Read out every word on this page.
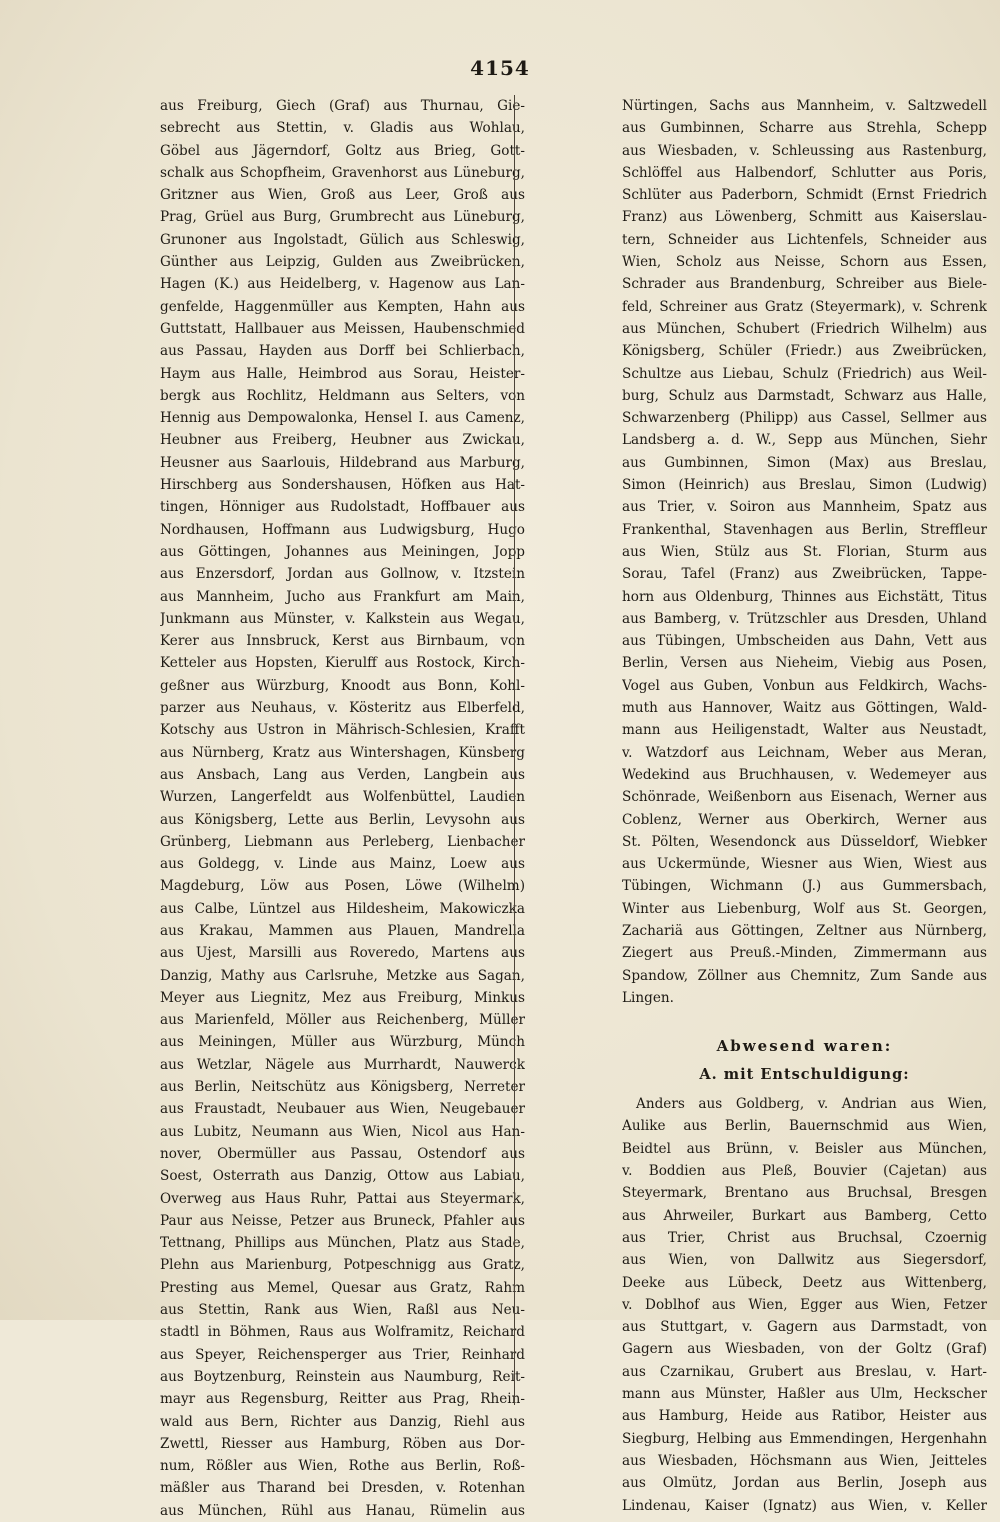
4154
aus Freiburg, Giech (Graf) aus Thurnau, Gie-
sebrecht aus Stettin, v. Gladis aus Wohlau,
Göbel aus Jägerndorf, Goltz aus Brieg, Gott-
schalk aus Schopfheim, Gravenhorst aus Lüneburg,
Gritzner aus Wien, Groß aus Leer, Groß aus
Prag, Grüel aus Burg, Grumbrecht aus Lüneburg,
Grunoner aus Ingolstadt, Gülich aus Schleswig,
Günther aus Leipzig, Gulden aus Zweibrücken,
Hagen (K.) aus Heidelberg, v. Hagenow aus Lan-
genfelde, Haggenmüller aus Kempten, Hahn aus
Guttstatt, Hallbauer aus Meissen, Haubenschmied
aus Passau, Hayden aus Dorff bei Schlierbach,
Haym aus Halle, Heimbrod aus Sorau, Heister-
bergk aus Rochlitz, Heldmann aus Selters, von
Hennig aus Dempowalonka, Hensel I. aus Camenz,
Heubner aus Freiberg, Heubner aus Zwickau,
Heusner aus Saarlouis, Hildebrand aus Marburg,
Hirschberg aus Sondershausen, Höfken aus Hat-
tingen, Hönniger aus Rudolstadt, Hoffbauer aus
Nordhausen, Hoffmann aus Ludwigsburg, Hugo
aus Göttingen, Johannes aus Meiningen, Jopp
aus Enzersdorf, Jordan aus Gollnow, v. Itzstein
aus Mannheim, Jucho aus Frankfurt am Main,
Junkmann aus Münster, v. Kalkstein aus Wegau,
Kerer aus Innsbruck, Kerst aus Birnbaum, von
Ketteler aus Hopsten, Kierulff aus Rostock, Kirch-
geßner aus Würzburg, Knoodt aus Bonn, Kohl-
parzer aus Neuhaus, v. Kösteritz aus Elberfeld,
Kotschy aus Ustron in Mährisch-Schlesien, Krafft
aus Nürnberg, Kratz aus Wintershagen, Künsberg
aus Ansbach, Lang aus Verden, Langbein aus
Wurzen, Langerfeldt aus Wolfenbüttel, Laudien
aus Königsberg, Lette aus Berlin, Levysohn aus
Grünberg, Liebmann aus Perleberg, Lienbacher
aus Goldegg, v. Linde aus Mainz, Loew aus
Magdeburg, Löw aus Posen, Löwe (Wilhelm)
aus Calbe, Lüntzel aus Hildesheim, Makowiczka
aus Krakau, Mammen aus Plauen, Mandrella
aus Ujest, Marsilli aus Roveredo, Martens aus
Danzig, Mathy aus Carlsruhe, Metzke aus Sagan,
Meyer aus Liegnitz, Mez aus Freiburg, Minkus
aus Marienfeld, Möller aus Reichenberg, Müller
aus Meiningen, Müller aus Würzburg, Münch
aus Wetzlar, Nägele aus Murrhardt, Nauwerck
aus Berlin, Neitschütz aus Königsberg, Nerreter
aus Fraustadt, Neubauer aus Wien, Neugebauer
aus Lubitz, Neumann aus Wien, Nicol aus Han-
nover, Obermüller aus Passau, Ostendorf aus
Soest, Osterrath aus Danzig, Ottow aus Labiau,
Overweg aus Haus Ruhr, Pattai aus Steyermark,
Paur aus Neisse, Petzer aus Bruneck, Pfahler aus
Tettnang, Phillips aus München, Platz aus Stade,
Plehn aus Marienburg, Potpeschnigg aus Gratz,
Presting aus Memel, Quesar aus Gratz, Rahm
aus Stettin, Rank aus Wien, Raßl aus Neu-
stadtl in Böhmen, Raus aus Wolframitz, Reichard
aus Speyer, Reichensperger aus Trier, Reinhard
aus Boytzenburg, Reinstein aus Naumburg, Reit-
mayr aus Regensburg, Reitter aus Prag, Rhein-
wald aus Bern, Richter aus Danzig, Riehl aus
Zwettl, Riesser aus Hamburg, Röben aus Dor-
num, Rößler aus Wien, Rothe aus Berlin, Roß-
mäßler aus Tharand bei Dresden, v. Rotenhan
aus München, Rühl aus Hanau, Rümelin aus
Nürtingen, Sachs aus Mannheim, v. Saltzwedell
aus Gumbinnen, Scharre aus Strehla, Schepp
aus Wiesbaden, v. Schleussing aus Rastenburg,
Schlöffel aus Halbendorf, Schlutter aus Poris,
Schlüter aus Paderborn, Schmidt (Ernst Friedrich
Franz) aus Löwenberg, Schmitt aus Kaiserslau-
tern, Schneider aus Lichtenfels, Schneider aus
Wien, Scholz aus Neisse, Schorn aus Essen,
Schrader aus Brandenburg, Schreiber aus Biele-
feld, Schreiner aus Gratz (Steyermark), v. Schrenk
aus München, Schubert (Friedrich Wilhelm) aus
Königsberg, Schüler (Friedr.) aus Zweibrücken,
Schultze aus Liebau, Schulz (Friedrich) aus Weil-
burg, Schulz aus Darmstadt, Schwarz aus Halle,
Schwarzenberg (Philipp) aus Cassel, Sellmer aus
Landsberg a. d. W., Sepp aus München, Siehr
aus Gumbinnen, Simon (Max) aus Breslau,
Simon (Heinrich) aus Breslau, Simon (Ludwig)
aus Trier, v. Soiron aus Mannheim, Spatz aus
Frankenthal, Stavenhagen aus Berlin, Streffleur
aus Wien, Stülz aus St. Florian, Sturm aus
Sorau, Tafel (Franz) aus Zweibrücken, Tappe-
horn aus Oldenburg, Thinnes aus Eichstätt, Titus
aus Bamberg, v. Trützschler aus Dresden, Uhland
aus Tübingen, Umbscheiden aus Dahn, Vett aus
Berlin, Versen aus Nieheim, Viebig aus Posen,
Vogel aus Guben, Vonbun aus Feldkirch, Wachs-
muth aus Hannover, Waitz aus Göttingen, Wald-
mann aus Heiligenstadt, Walter aus Neustadt,
v. Watzdorf aus Leichnam, Weber aus Meran,
Wedekind aus Bruchhausen, v. Wedemeyer aus
Schönrade, Weißenborn aus Eisenach, Werner aus
Coblenz, Werner aus Oberkirch, Werner aus
St. Pölten, Wesendonck aus Düsseldorf, Wiebker
aus Uckermünde, Wiesner aus Wien, Wiest aus
Tübingen, Wichmann (J.) aus Gummersbach,
Winter aus Liebenburg, Wolf aus St. Georgen,
Zachariä aus Göttingen, Zeltner aus Nürnberg,
Ziegert aus Preuß.-Minden, Zimmermann aus
Spandow, Zöllner aus Chemnitz, Zum Sande aus
Lingen.
Abwesend waren:
A. mit Entschuldigung:
Anders aus Goldberg, v. Andrian aus Wien,
Aulike aus Berlin, Bauernschmid aus Wien,
Beidtel aus Brünn, v. Beisler aus München,
v. Boddien aus Pleß, Bouvier (Cajetan) aus
Steyermark, Brentano aus Bruchsal, Bresgen
aus Ahrweiler, Burkart aus Bamberg, Cetto
aus Trier, Christ aus Bruchsal, Czoernig
aus Wien, von Dallwitz aus Siegersdorf,
Deeke aus Lübeck, Deetz aus Wittenberg,
v. Doblhof aus Wien, Egger aus Wien, Fetzer
aus Stuttgart, v. Gagern aus Darmstadt, von
Gagern aus Wiesbaden, von der Goltz (Graf)
aus Czarnikau, Grubert aus Breslau, v. Hart-
mann aus Münster, Haßler aus Ulm, Heckscher
aus Hamburg, Heide aus Ratibor, Heister aus
Siegburg, Helbing aus Emmendingen, Hergenhahn
aus Wiesbaden, Höchsmann aus Wien, Jeitteles
aus Olmütz, Jordan aus Berlin, Joseph aus
Lindenau, Kaiser (Ignatz) aus Wien, v. Keller
